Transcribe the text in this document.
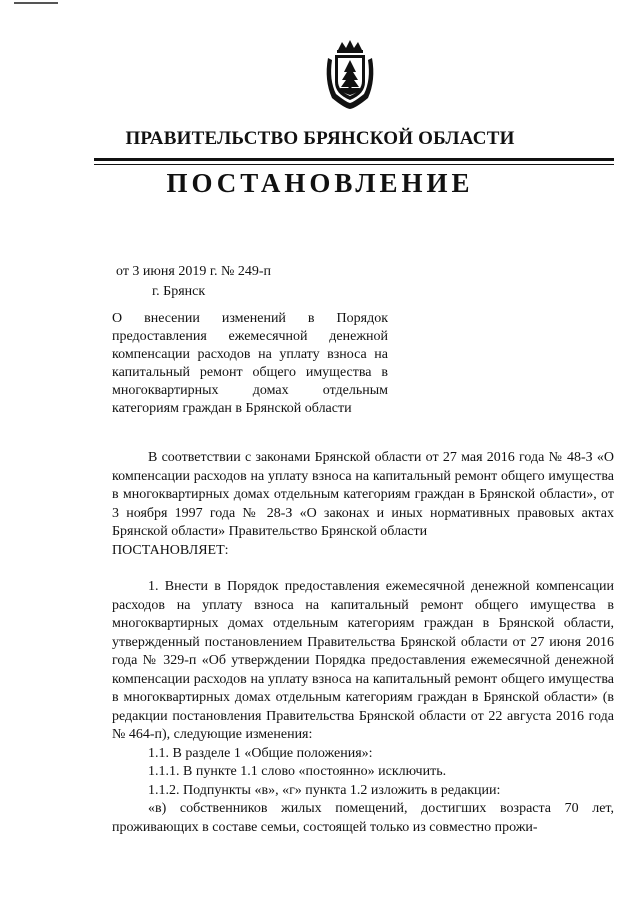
ПРАВИТЕЛЬСТВО БРЯНСКОЙ ОБЛАСТИ
ПОСТАНОВЛЕНИЕ
от 3 июня 2019 г. № 249-п
г. Брянск
О внесении изменений в Порядок предоставления ежемесячной денежной компенсации расходов на уплату взноса на капитальный ремонт общего имущества в многоквартирных домах отдельным категориям граждан в Брянской области

В соответствии с законами Брянской области от 27 мая 2016 года № 48-З «О компенсации расходов на уплату взноса на капитальный ремонт общего имущества в многоквартирных домах отдельным категориям граждан в Брянской области», от 3 ноября 1997 года № 28-З «О законах и иных нормативных правовых актах Брянской области» Правительство Брянской области

ПОСТАНОВЛЯЕТ:

1. Внести в Порядок предоставления ежемесячной денежной компенсации расходов на уплату взноса на капитальный ремонт общего имущества в многоквартирных домах отдельным категориям граждан в Брянской области, утвержденный постановлением Правительства Брянской области от 27 июня 2016 года № 329-п «Об утверждении Порядка предоставления ежемесячной денежной компенсации расходов на уплату взноса на капитальный ремонт общего имущества в многоквартирных домах отдельным категориям граждан в Брянской области» (в редакции постановления Правительства Брянской области от 22 августа 2016 года № 464-п), следующие изменения:

1.1. В разделе 1 «Общие положения»:

1.1.1. В пункте 1.1 слово «постоянно» исключить.

1.1.2. Подпункты «в», «г» пункта 1.2 изложить в редакции:

«в) собственников жилых помещений, достигших возраста 70 лет, проживающих в составе семьи, состоящей только из совместно прожи-
